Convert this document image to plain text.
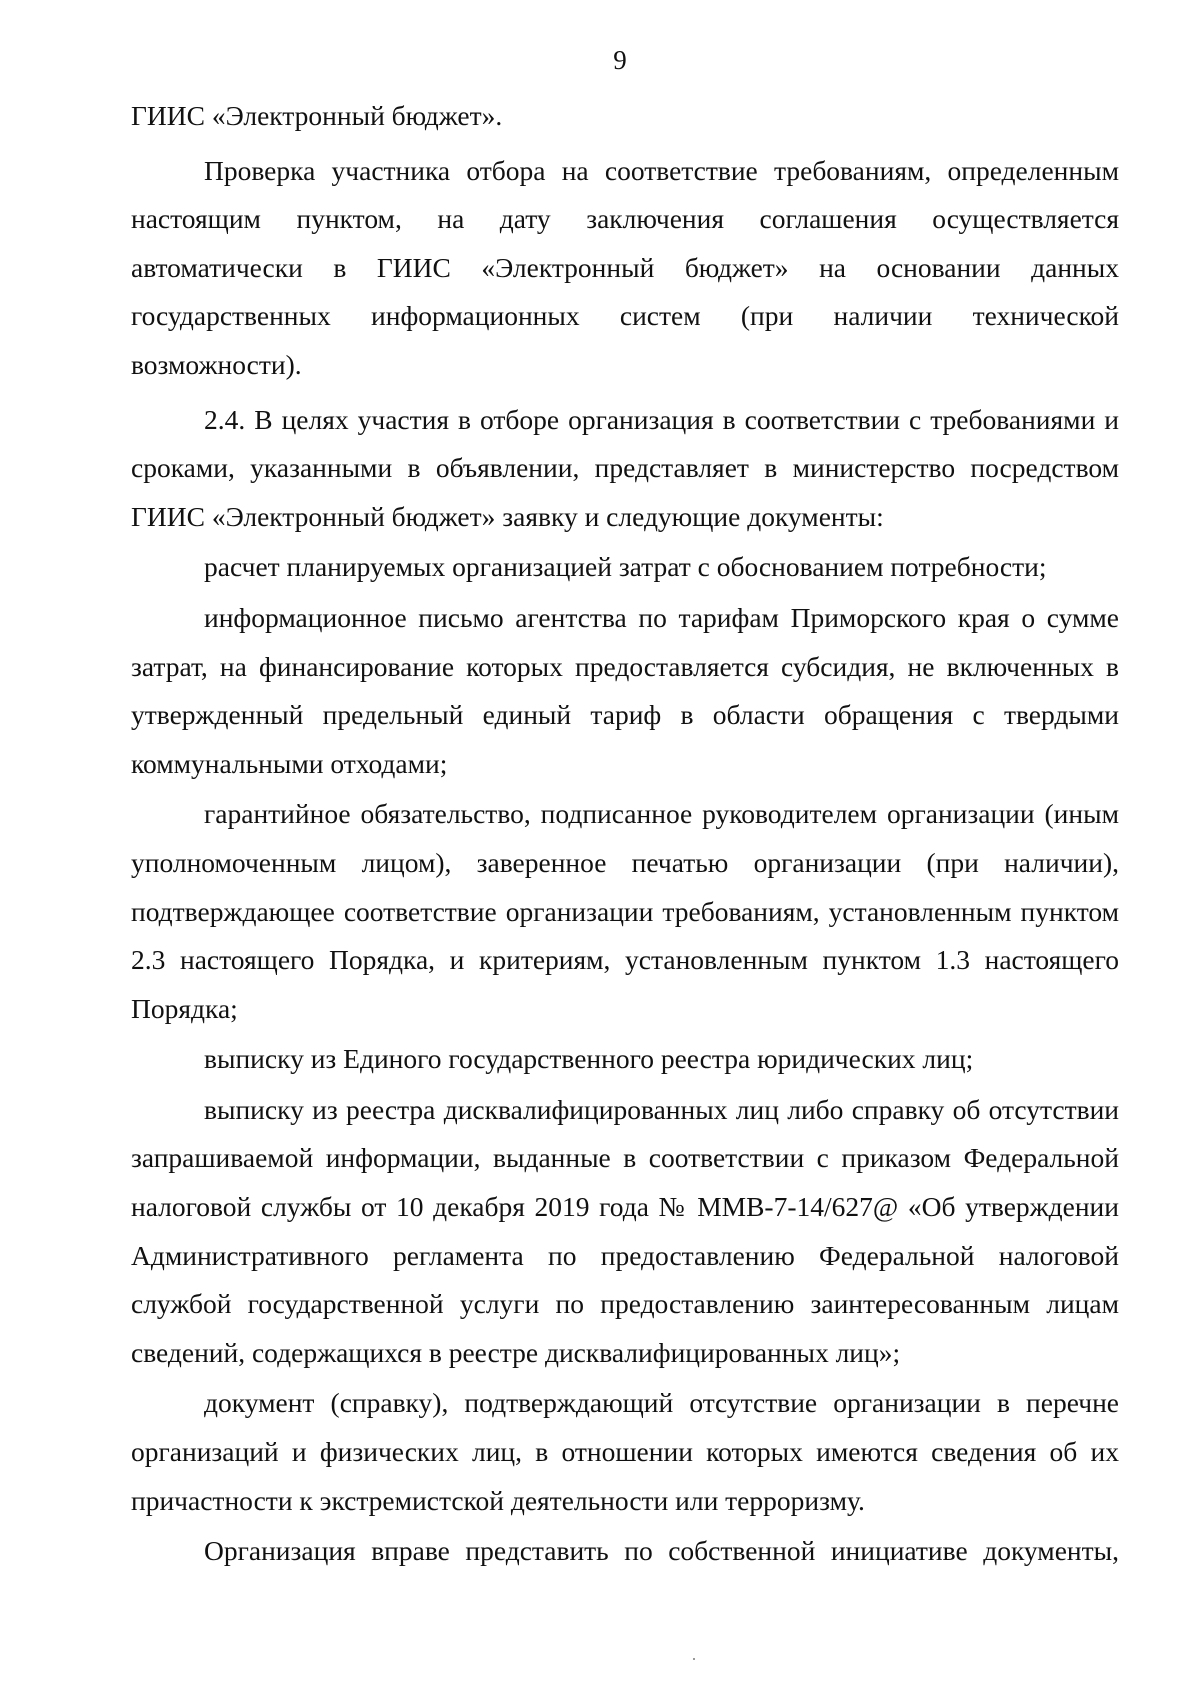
9

ГИИС «Электронный бюджет».

Проверка участника отбора на соответствие требованиям, определенным настоящим пунктом, на дату заключения соглашения осуществляется автоматически в ГИИС «Электронный бюджет» на основании данных государственных информационных систем (при наличии технической возможности).

2.4. В целях участия в отборе организация в соответствии с требованиями и сроками, указанными в объявлении, представляет в министерство посредством ГИИС «Электронный бюджет» заявку и следующие документы:

расчет планируемых организацией затрат с обоснованием потребности;

информационное письмо агентства по тарифам Приморского края о сумме затрат, на финансирование которых предоставляется субсидия, не включенных в утвержденный предельный единый тариф в области обращения с твердыми коммунальными отходами;

гарантийное обязательство, подписанное руководителем организации (иным уполномоченным лицом), заверенное печатью организации (при наличии), подтверждающее соответствие организации требованиям, установленным пунктом 2.3 настоящего Порядка, и критериям, установленным пунктом 1.3 настоящего Порядка;

выписку из Единого государственного реестра юридических лиц;

выписку из реестра дисквалифицированных лиц либо справку об отсутствии запрашиваемой информации, выданные в соответствии с приказом Федеральной налоговой службы от 10 декабря 2019 года № ММВ-7-14/627@ «Об утверждении Административного регламента по предоставлению Федеральной налоговой службой государственной услуги по предоставлению заинтересованным лицам сведений, содержащихся в реестре дисквалифицированных лиц»;

документ (справку), подтверждающий отсутствие организации в перечне организаций и физических лиц, в отношении которых имеются сведения об их причастности к экстремистской деятельности или терроризму.

Организация вправе представить по собственной инициативе документы,
